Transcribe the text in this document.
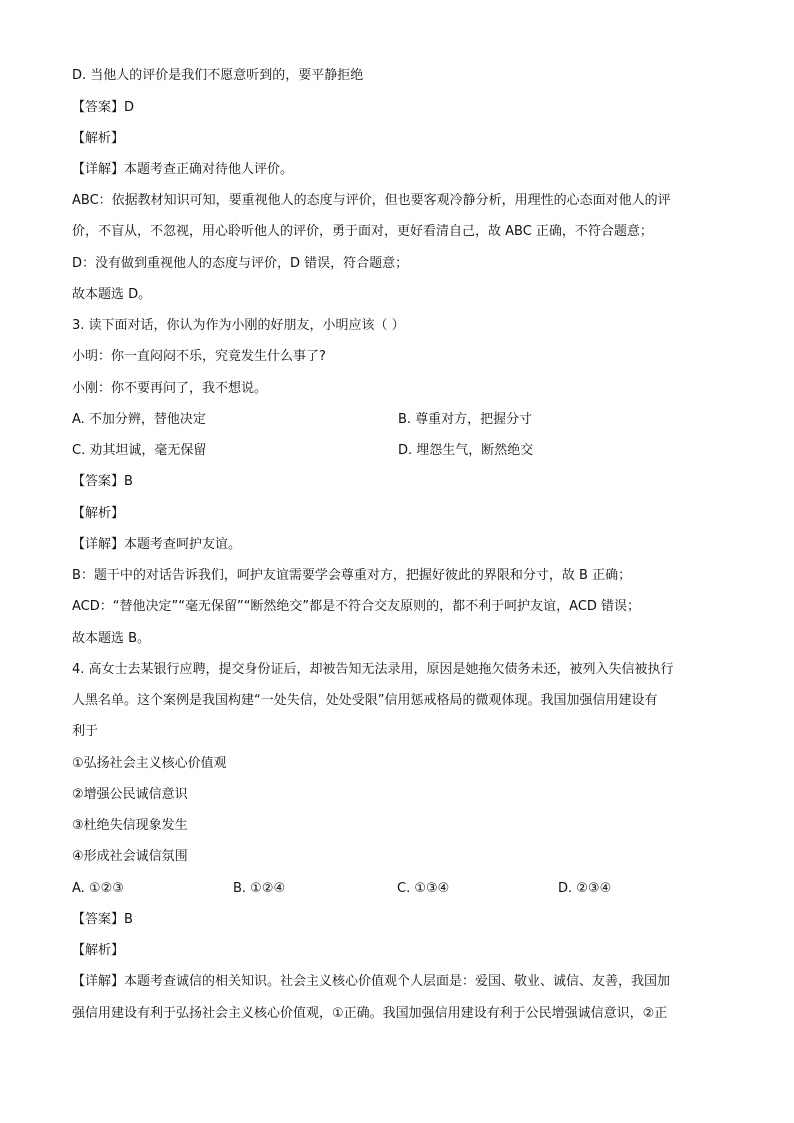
D. 当他人的评价是我们不愿意听到的，要平静拒绝
【答案】D
【解析】
【详解】本题考查正确对待他人评价。
ABC：依据教材知识可知，要重视他人的态度与评价，但也要客观冷静分析，用理性的心态面对他人的评
价，不盲从，不忽视，用心聆听他人的评价，勇于面对，更好看清自己，故 ABC 正确，不符合题意；
D：没有做到重视他人的态度与评价，D 错误，符合题意；
故本题选 D。
3. 读下面对话，你认为作为小刚的好朋友，小明应该（ ）
小明：你一直闷闷不乐，究竟发生什么事了?
小刚：你不要再问了，我不想说。
A. 不加分辨，替他决定	B. 尊重对方，把握分寸
C. 劝其坦诚，毫无保留	D. 埋怨生气，断然绝交
【答案】B
【解析】
【详解】本题考查呵护友谊。
B：题干中的对话告诉我们，呵护友谊需要学会尊重对方，把握好彼此的界限和分寸，故 B 正确；
ACD：“替他决定”“毫无保留”“断然绝交”都是不符合交友原则的，都不利于呵护友谊，ACD 错误；
故本题选 B。
4. 高女士去某银行应聘，提交身份证后，却被告知无法录用，原因是她拖欠债务未还，被列入失信被执行
人黑名单。这个案例是我国构建“一处失信，处处受限”信用惩戒格局的微观体现。我国加强信用建设有
利于
①弘扬社会主义核心价值观
②增强公民诚信意识
③杜绝失信现象发生
④形成社会诚信氛围
A. ①②③	B. ①②④	C. ①③④	D. ②③④
【答案】B
【解析】
【详解】本题考查诚信的相关知识。社会主义核心价值观个人层面是：爱国、敬业、诚信、友善，我国加
强信用建设有利于弘扬社会主义核心价值观，①正确。我国加强信用建设有利于公民增强诚信意识，②正
